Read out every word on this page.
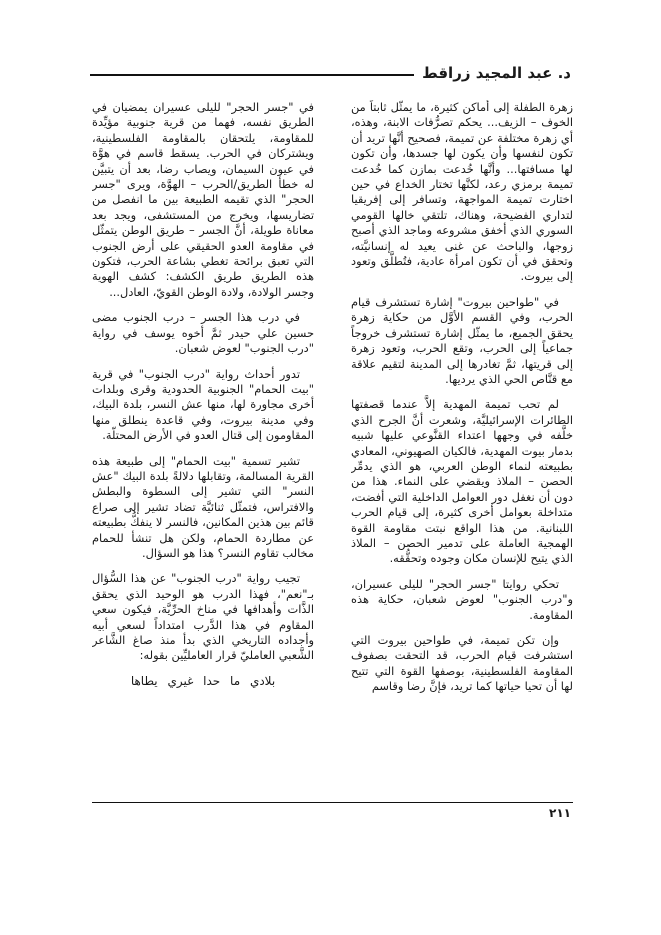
د. عبد المجيد زراقط

زهرة الطفلة إلى أماكن كثيرة، ما يمثّل ثابتاً من الخوف – الزيف... يحكم تصرُّفات الابنة، وهذه، أي زهرة مختلفة عن تميمة، فصحيح أنَّها تريد أن تكون لنفسها وأن يكون لها جسدها، وأن تكون لها مسافتها... وأنَّها خُدعت بمازن كما خُدعت تميمة برمزي رعد، لكنَّها تختار الخداع في حين اختارت تميمة المواجهة، وتسافر إلى إفريقيا لتداري الفضيحة، وهناك، تلتقي خالها القومي السوري الذي أخفق مشروعه وماجد الذي أصبح زوجها، والباحث عن غنى يعيد له إنسانيَّته، وتحقق في أن تكون امرأة عادية، فتُطلَّق وتعود إلى بيروت.

في "طواحين بيروت" إشارة تستشرف قيام الحرب، وفي القسم الأوَّل من حكاية زهرة يحقق الجميع، ما يمثّل إشارة تستشرف خروجاً جماعياً إلى الحرب، وتقع الحرب، وتعود زهرة إلى قريتها، ثمَّ تغادرها إلى المدينة لتقيم علاقة مع قنَّاص الحي الذي يرديها.

لم تحب تميمة المهدية إلاَّ عندما قصفتها الطائرات الإسرائيليَّة، وشعرت أنَّ الجرح الذي خلَّفه في وجهها اعتداء القنَّوعي عليها شبيه بدمار بيوت المهدية، فالكيان الصهيوني، المعادي بطبيعته لنماء الوطن العربي، هو الذي يدمِّر الحصن – الملاذ ويقضي على النماء. هذا من دون أن نغفل دور العوامل الداخلية التي أفضت، متداخلة بعوامل أخرى كثيرة، إلى قيام الحرب اللبنانية. من هذا الواقع نبتت مقاومة القوة الهمجية العاملة على تدمير الحصن – الملاذ الذي يتيح للإنسان مكان وجوده وتحقُّقه.

تحكي روايتا "جسر الحجر" لليلى عسيران، و"درب الجنوب" لعوض شعبان، حكاية هذه المقاومة.

وإن تكن تميمة، في طواحين بيروت التي استشرفت قيام الحرب، قد التحقت بصفوف المقاومة الفلسطينية، بوصفها القوة التي تتيح لها أن تحيا حياتها كما تريد، فإنَّ رضا وقاسم

في "جسر الحجر" لليلى عسيران يمضيان في الطريق نفسه، فهما من قرية جنوبية مؤيِّدة للمقاومة، يلتحقان بالمقاومة الفلسطينية، ويشتركان في الحرب. يسقط قاسم في هوَّة في عيون السيمان، ويصاب رضا، بعد أن يتبيَّن له خطأ الطريق/الحرب – الهوَّة، ويرى "جسر الحجر" الذي تقيمه الطبيعة بين ما انفصل من تضاريسها، ويخرج من المستشفى، ويجد بعد معاناة طويلة، أنَّ الجسر – طريق الوطن يتمثّل في مقاومة العدو الحقيقي على أرض الجنوب التي تعبق برائحة تغطي بشاعة الحرب، فتكون هذه الطريق طريق الكشف: كشف الهوية وجسر الولادة، ولادة الوطن القويّ، العادل...

في درب هذا الجسر – درب الجنوب مضى حسين علي حيدر ثمَّ أخوه يوسف في رواية "درب الجنوب" لعوض شعبان.

تدور أحداث رواية "درب الجنوب" في قرية "بيت الحمام" الجنوبية الحدودية وقرى وبلدات أخرى مجاورة لها، منها عش النسر، بلدة البيك، وفي مدينة بيروت، وفي قاعدة ينطلق منها المقاومون إلى قتال العدو في الأرض المحتلّة.

تشير تسمية "بيت الحمام" إلى طبيعة هذه القرية المسالمة، وتقابلها دلالةً بلدة البيك "عش النسر" التي تشير إلى السطوة والبطش والافتراس، فتمثّل ثنائيَّة تضاد تشير إلى صراع قائم بين هذين المكانين، فالنسر لا ينفكُّ بطبيعته عن مطاردة الحمام، ولكن هل تنشأ للحمام مخالب تقاوم النسر؟ هذا هو السؤال.

تجيب رواية "درب الجنوب" عن هذا السُّؤال بـ"نعم"، فهذا الدرب هو الوحيد الذي يحقق الذَّات وأهدافها في مناخ الحرِّيَّة، فيكون سعي المقاوم في هذا الدَّرب امتداداً لسعي أبيه وأجداده التاريخي الذي بدأ منذ صاغ الشَّاعر الشَّعبي العامليّ قرار العامليِّين بقوله:

بلادي ما حدا غيري يطاها

٢١١
